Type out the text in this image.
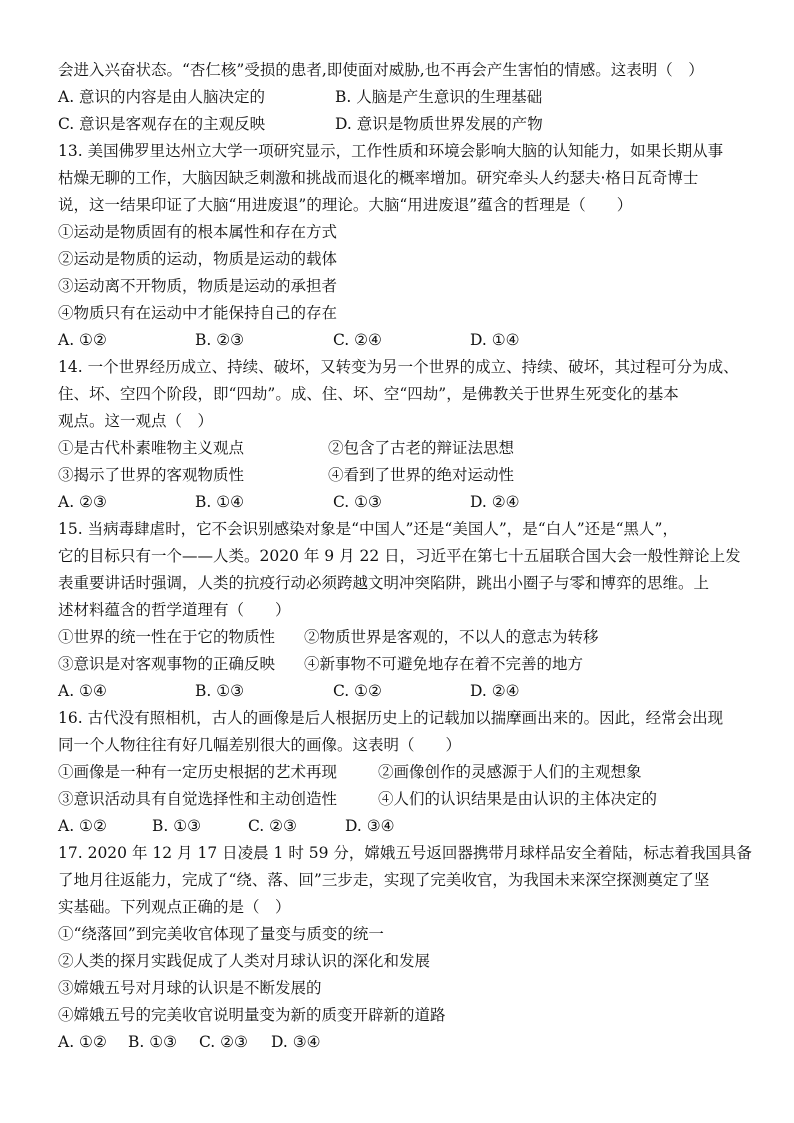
会进入兴奋状态。“杏仁核”受损的患者,即使面对威胁,也不再会产生害怕的情感。这表明（　）
A. 意识的内容是由人脑决定的	B. 人脑是产生意识的生理基础
C. 意识是客观存在的主观反映	D. 意识是物质世界发展的产物
13. 美国佛罗里达州立大学一项研究显示，工作性质和环境会影响大脑的认知能力，如果长期从事
枯燥无聊的工作，大脑因缺乏刺激和挑战而退化的概率增加。研究牵头人约瑟夫·格日瓦奇博士
说，这一结果印证了大脑“用进废退”的理论。大脑“用进废退”蕴含的哲理是（　　）
①运动是物质固有的根本属性和存在方式
②运动是物质的运动，物质是运动的载体
③运动离不开物质，物质是运动的承担者
④物质只有在运动中才能保持自己的存在
A. ①②	B. ②③	C. ②④	D. ①④
14. 一个世界经历成立、持续、破坏，又转变为另一个世界的成立、持续、破坏，其过程可分为成、
住、坏、空四个阶段，即“四劫”。成、住、坏、空“四劫”，是佛教关于世界生死变化的基本
观点。这一观点（　）
①是古代朴素唯物主义观点	②包含了古老的辩证法思想
③揭示了世界的客观物质性	④看到了世界的绝对运动性
A. ②③	B. ①④	C. ①③	D. ②④
15. 当病毒肆虐时，它不会识别感染对象是“中国人”还是“美国人”，是“白人”还是“黑人”，
它的目标只有一个——人类。2020 年 9 月 22 日，习近平在第七十五届联合国大会一般性辩论上发
表重要讲话时强调，人类的抗疫行动必须跨越文明冲突陷阱，跳出小圈子与零和博弈的思维。上
述材料蕴含的哲学道理有（　　）
①世界的统一性在于它的物质性 ②物质世界是客观的，不以人的意志为转移
③意识是对客观事物的正确反映 ④新事物不可避免地存在着不完善的地方
A. ①④	B. ①③	C. ①②	D. ②④
16. 古代没有照相机，古人的画像是后人根据历史上的记载加以揣摩画出来的。因此，经常会出现
同一个人物往往有好几幅差别很大的画像。这表明（　　）
①画像是一种有一定历史根据的艺术再现	②画像创作的灵感源于人们的主观想象
③意识活动具有自觉选择性和主动创造性	④人们的认识结果是由认识的主体决定的
A. ①②	B. ①③	C. ②③	D. ③④
17. 2020 年 12 月 17 日凌晨 1 时 59 分，嫦娥五号返回器携带月球样品安全着陆，标志着我国具备
了地月往返能力，完成了“绕、落、回”三步走，实现了完美收官，为我国未来深空探测奠定了坚
实基础。下列观点正确的是（　）
①“绕落回”到完美收官体现了量变与质变的统一
②人类的探月实践促成了人类对月球认识的深化和发展
③嫦娥五号对月球的认识是不断发展的
④嫦娥五号的完美收官说明量变为新的质变开辟新的道路
A. ①② B. ①③ C. ②③ D. ③④
